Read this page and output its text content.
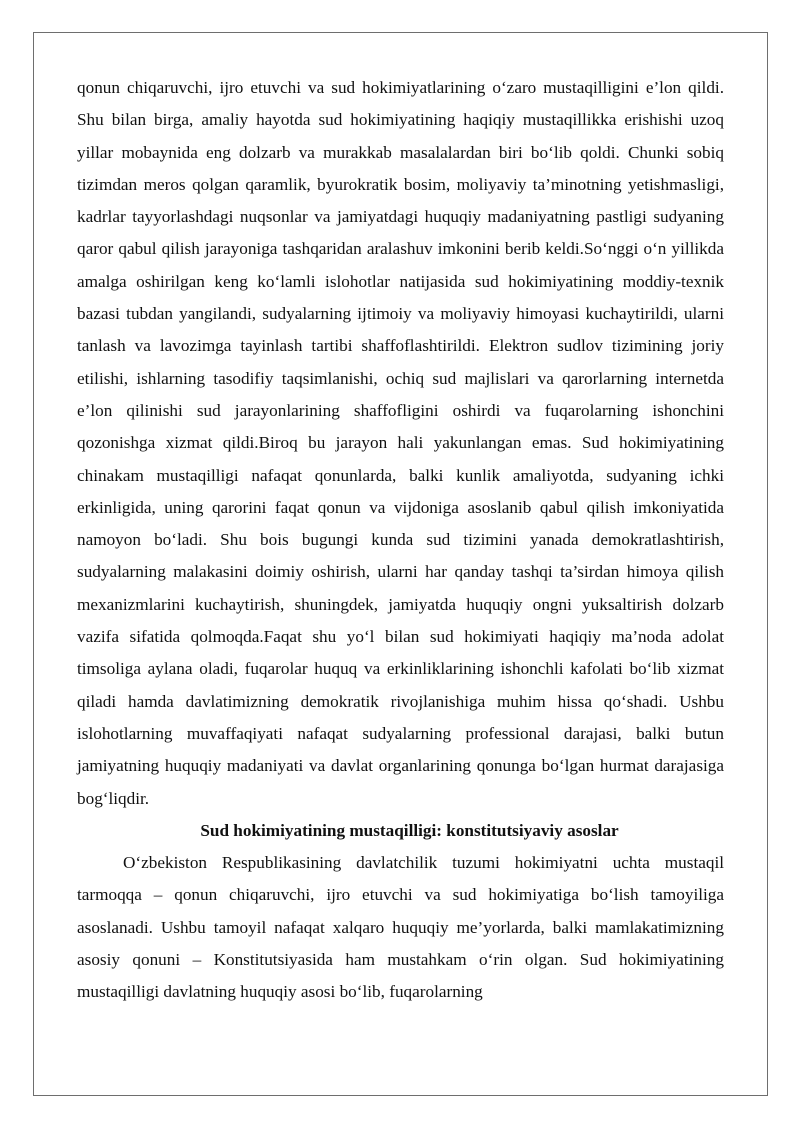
qonun chiqaruvchi, ijro etuvchi va sud hokimiyatlarining o‘zaro mustaqilligini e’lon qildi. Shu bilan birga, amaliy hayotda sud hokimiyatining haqiqiy mustaqillikka erishishi uzoq yillar mobaynida eng dolzarb va murakkab masalalardan biri bo‘lib qoldi. Chunki sobiq tizimdan meros qolgan qaramlik, byurokratik bosim, moliyaviy ta’minotning yetishmasligi, kadrlar tayyorlashdagi nuqsonlar va jamiyatdagi huquqiy madaniyatning pastligi sudyaning qaror qabul qilish jarayoniga tashqaridan aralashuv imkonini berib keldi.So‘nggi o‘n yillikda amalga oshirilgan keng ko‘lamli islohotlar natijasida sud hokimiyatining moddiy-texnik bazasi tubdan yangilandi, sudyalarning ijtimoiy va moliyaviy himoyasi kuchaytirildi, ularni tanlash va lavozimga tayinlash tartibi shaffoflashtirildi. Elektron sudlov tizimining joriy etilishi, ishlarning tasodifiy taqsimlanishi, ochiq sud majlislari va qarorlarning internetda e’lon qilinishi sud jarayonlarining shaffofligini oshirdi va fuqarolarning ishonchini qozonishga xizmat qildi.Biroq bu jarayon hali yakunlangan emas. Sud hokimiyatining chinakam mustaqilligi nafaqat qonunlarda, balki kunlik amaliyotda, sudyaning ichki erkinligida, uning qarorini faqat qonun va vijdoniga asoslanib qabul qilish imkoniyatida namoyon bo‘ladi. Shu bois bugungi kunda sud tizimini yanada demokratlashtirish, sudyalarning malakasini doimiy oshirish, ularni har qanday tashqi ta’sirdan himoya qilish mexanizmlarini kuchaytirish, shuningdek, jamiyatda huquqiy ongni yuksaltirish dolzarb vazifa sifatida qolmoqda.Faqat shu yo‘l bilan sud hokimiyati haqiqiy ma’noda adolat timsoliga aylana oladi, fuqarolar huquq va erkinliklarining ishonchli kafolati bo‘lib xizmat qiladi hamda davlatimizning demokratik rivojlanishiga muhim hissa qo‘shadi. Ushbu islohotlarning muvaffaqiyati nafaqat sudyalarning professional darajasi, balki butun jamiyatning huquqiy madaniyati va davlat organlarining qonunga bo‘lgan hurmat darajasiga bog‘liqdir.

Sud hokimiyatining mustaqilligi: konstitutsiyaviy asoslar

O‘zbekiston Respublikasining davlatchilik tuzumi hokimiyatni uchta mustaqil tarmoqqa – qonun chiqaruvchi, ijro etuvchi va sud hokimiyatiga bo‘lish tamoyiliga asoslanadi. Ushbu tamoyil nafaqat xalqaro huquqiy me’yorlarda, balki mamlakatimizning asosiy qonuni – Konstitutsiyasida ham mustahkam o‘rin olgan. Sud hokimiyatining mustaqilligi davlatning huquqiy asosi bo‘lib, fuqarolarning
